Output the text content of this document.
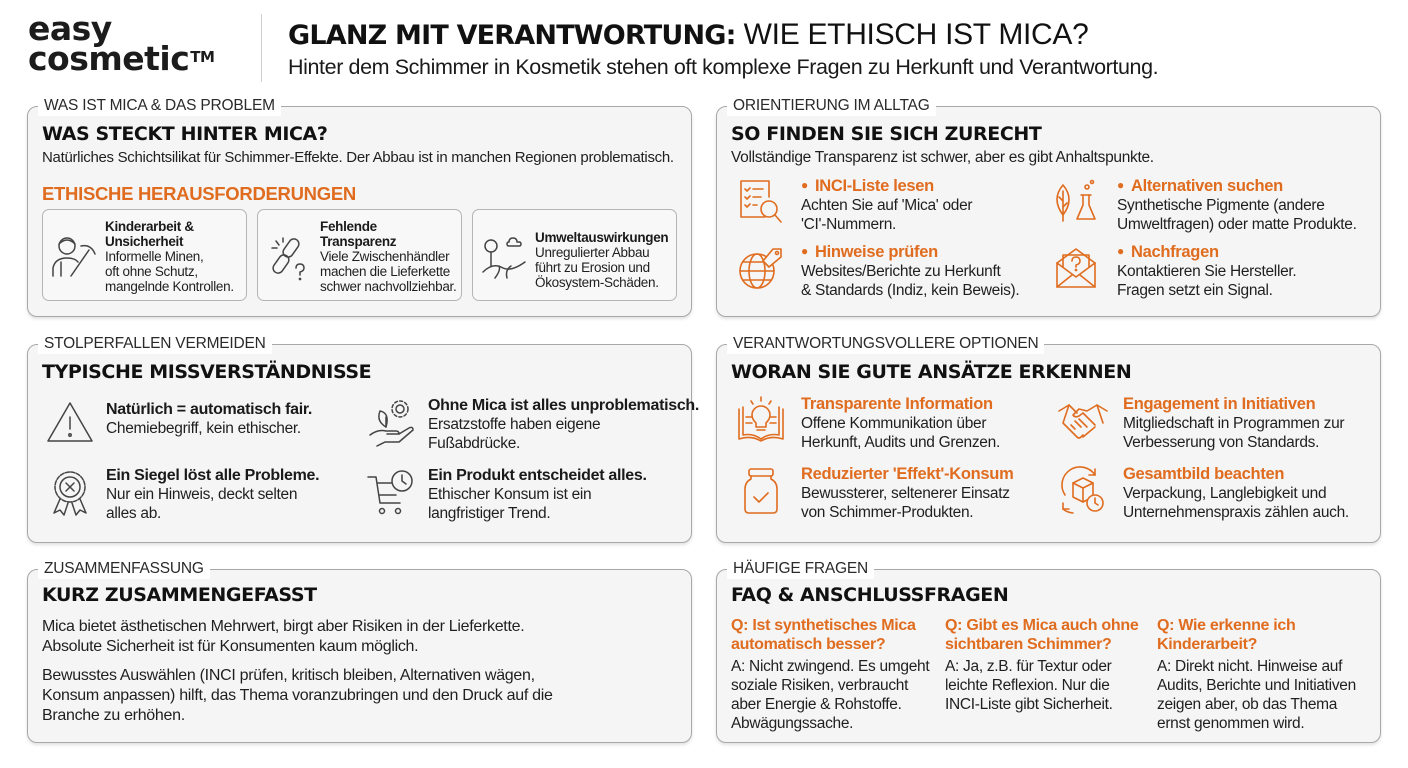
easy
cosmetic™
GLANZ MIT VERANTWORTUNG: WIE ETHISCH IST MICA?
Hinter dem Schimmer in Kosmetik stehen oft komplexe Fragen zu Herkunft und Verantwortung.
WAS IST MICA & DAS PROBLEM
WAS STECKT HINTER MICA?
Natürliches Schichtsilikat für Schimmer-Effekte. Der Abbau ist in manchen Regionen problematisch.
ETHISCHE HERAUSFORDERUNGEN
Kinderarbeit &
Unsicherheit
Informelle Minen,
oft ohne Schutz,
mangelnde Kontrollen.
Fehlende
Transparenz
Viele Zwischenhändler
machen die Lieferkette
schwer nachvollziehbar.
Umweltauswirkungen
Unregulierter Abbau
führt zu Erosion und
Ökosystem-Schäden.
ORIENTIERUNG IM ALLTAG
SO FINDEN SIE SICH ZURECHT
Vollständige Transparenz ist schwer, aber es gibt Anhaltspunkte.
● INCI-Liste lesen
Achten Sie auf 'Mica' oder
'CI'-Nummern.
● Alternativen suchen
Synthetische Pigmente (andere
Umweltfragen) oder matte Produkte.
● Hinweise prüfen
Websites/Berichte zu Herkunft
& Standards (Indiz, kein Beweis).
● Nachfragen
Kontaktieren Sie Hersteller.
Fragen setzt ein Signal.
STOLPERFALLEN VERMEIDEN
TYPISCHE MISSVERSTÄNDNISSE
Natürlich = automatisch fair.
Chemiebegriff, kein ethischer.
Ohne Mica ist alles unproblematisch.
Ersatzstoffe haben eigene
Fußabdrücke.
Ein Siegel löst alle Probleme.
Nur ein Hinweis, deckt selten
alles ab.
Ein Produkt entscheidet alles.
Ethischer Konsum ist ein
langfristiger Trend.
VERANTWORTUNGSVOLLERE OPTIONEN
WORAN SIE GUTE ANSÄTZE ERKENNEN
Transparente Information
Offene Kommunikation über
Herkunft, Audits und Grenzen.
Engagement in Initiativen
Mitgliedschaft in Programmen zur
Verbesserung von Standards.
Reduzierter 'Effekt'-Konsum
Bewussterer, seltenerer Einsatz
von Schimmer-Produkten.
Gesamtbild beachten
Verpackung, Langlebigkeit und
Unternehmenspraxis zählen auch.
ZUSAMMENFASSUNG
KURZ ZUSAMMENGEFASST
Mica bietet ästhetischen Mehrwert, birgt aber Risiken in der Lieferkette.
Absolute Sicherheit ist für Konsumenten kaum möglich.
Bewusstes Auswählen (INCI prüfen, kritisch bleiben, Alternativen wägen,
Konsum anpassen) hilft, das Thema voranzubringen und den Druck auf die
Branche zu erhöhen.
HÄUFIGE FRAGEN
FAQ & ANSCHLUSSFRAGEN
Q: Ist synthetisches Mica
automatisch besser?
A: Nicht zwingend. Es umgeht
soziale Risiken, verbraucht
aber Energie & Rohstoffe.
Abwägungssache.
Q: Gibt es Mica auch ohne
sichtbaren Schimmer?
A: Ja, z.B. für Textur oder
leichte Reflexion. Nur die
INCI-Liste gibt Sicherheit.
Q: Wie erkenne ich
Kinderarbeit?
A: Direkt nicht. Hinweise auf
Audits, Berichte und Initiativen
zeigen aber, ob das Thema
ernst genommen wird.
